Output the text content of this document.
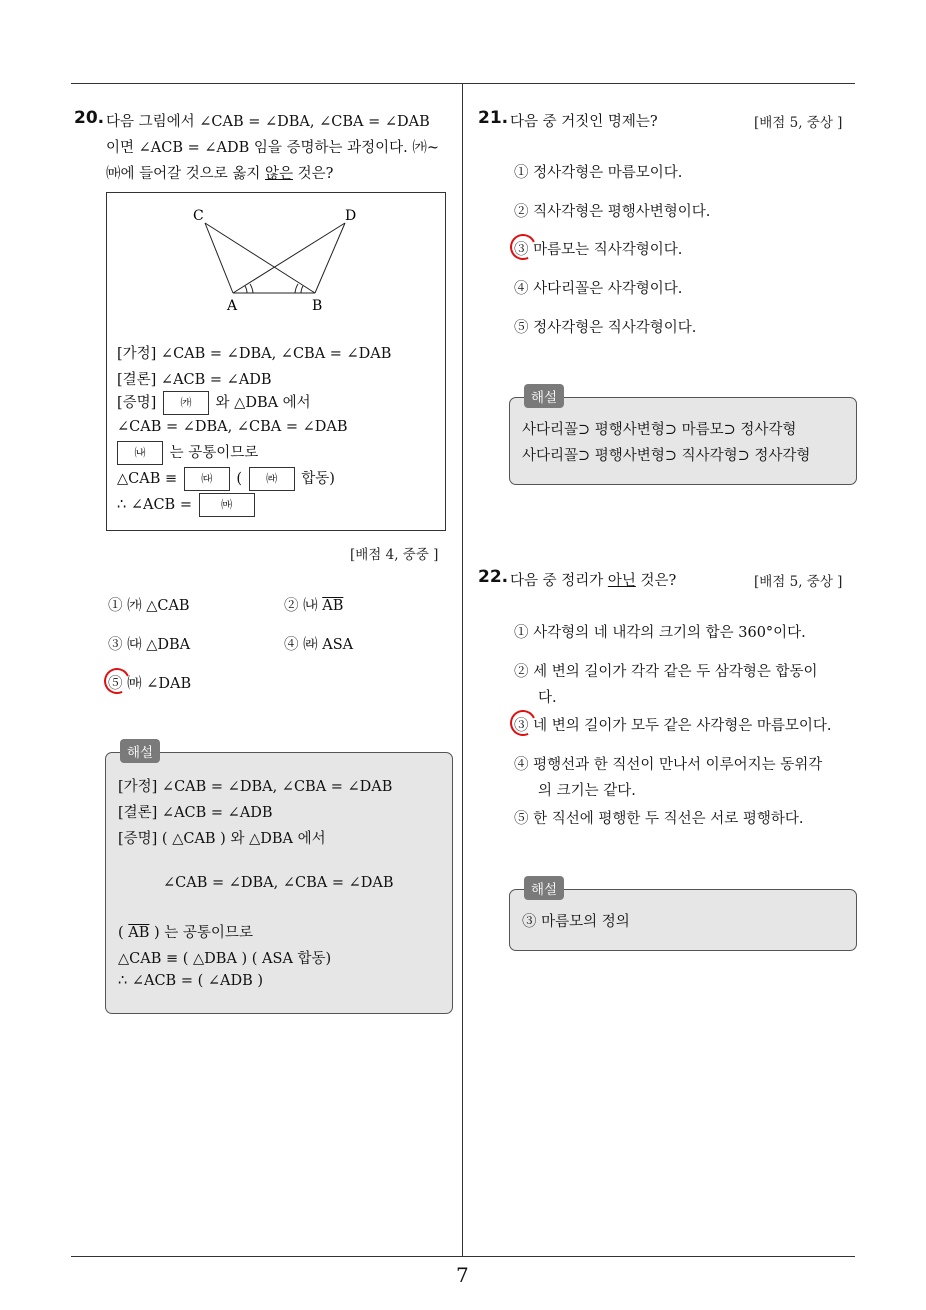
20. 다음 그림에서 ∠CAB = ∠DBA, ∠CBA = ∠DAB
이면 ∠ACB = ∠ADB 임을 증명하는 과정이다. ㈎~
㈒에 들어갈 것으로 옳지 않은 것은?
C	D
A	B
[가정] ∠CAB = ∠DBA, ∠CBA = ∠DAB
[결론] ∠ACB = ∠ADB
[증명] ㈎ 와 △DBA 에서
∠CAB = ∠DBA, ∠CBA = ∠DAB
㈏ 는 공통이므로
△CAB ≡ ㈐ ( ㈑ 합동)
∴ ∠ACB =	㈒
[배점 4, 중중 ]
① ㈎ △CAB	② ㈏ $\overline{AB}$
③ ㈐ △DBA	④ ㈑ ASA
⑤ ㈒ ∠DAB
[가정] ∠CAB = ∠DBA, ∠CBA = ∠DAB
[결론] ∠ACB = ∠ADB
[증명] ( △CAB ) 와 △DBA 에서
∠CAB = ∠DBA, ∠CBA = ∠DAB
( $\overline{AB}$ ) 는 공통이므로
△CAB ≡ ( △DBA ) ( ASA 합동)
∴ ∠ACB = ( ∠ADB )
해설
21. 다음 중 거짓인 명제는?	[배점 5, 중상 ]
① 정사각형은 마름모이다.
② 직사각형은 평행사변형이다.
③ 마름모는 직사각형이다.
④ 사다리꼴은 사각형이다.
⑤ 정사각형은 직사각형이다.
사다리꼴⊃ 평행사변형⊃ 마름모⊃ 정사각형
사다리꼴⊃ 평행사변형⊃ 직사각형⊃ 정사각형
해설
22. 다음 중 정리가 아닌 것은?	[배점 5, 중상 ]
① 사각형의 네 내각의 크기의 합은 360°이다.
② 세 변의 길이가 각각 같은 두 삼각형은 합동이
다.
③ 네 변의 길이가 모두 같은 사각형은 마름모이다.
④ 평행선과 한 직선이 만나서 이루어지는 동위각
의 크기는 같다.
⑤ 한 직선에 평행한 두 직선은 서로 평행하다.
③ 마름모의 정의
해설
7
